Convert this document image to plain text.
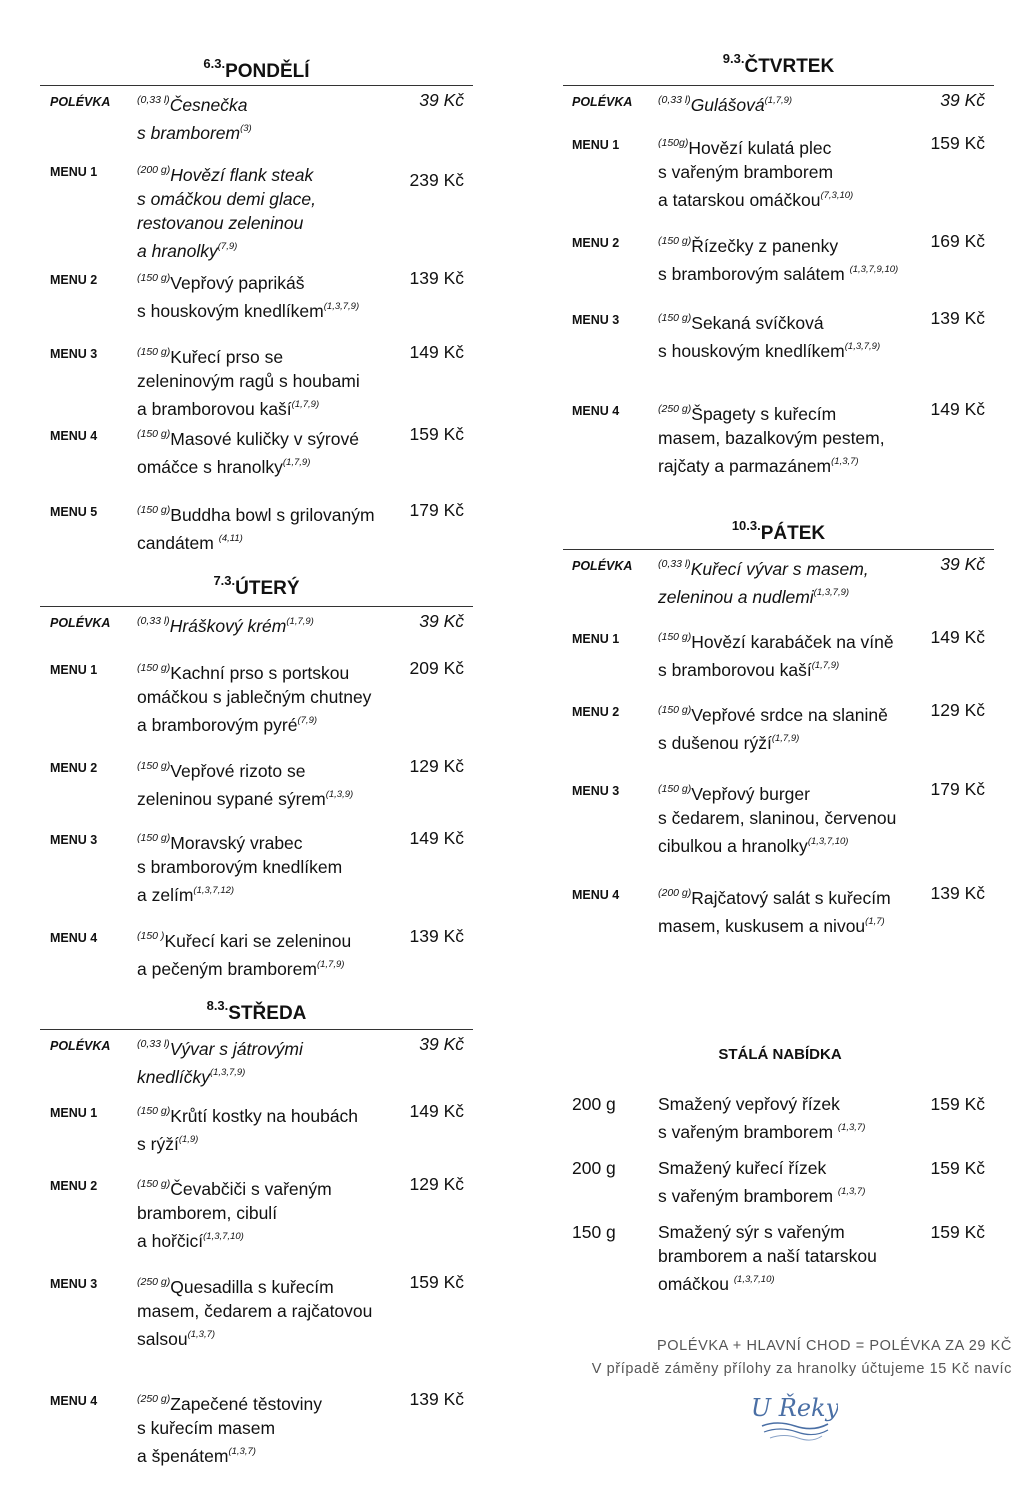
$^{6.3.}$PONDĚLÍ
POLÉVKA	$^{(0,33 l)}$Česnečka
s bramborem$^{(3)}$
39 Kč
MENU 1	$^{(200 g)}$Hovězí flank steak
s omáčkou demi glace,
restovanou zeleninou
a hranolky$^{(7,9)}$
239 Kč
MENU 2	$^{(150 g)}$Vepřový paprikáš
s houskovým knedlíkem$^{(1,3,7,9)}$
139 Kč
MENU 3	$^{(150 g)}$Kuřecí prso se
zeleninovým ragů s houbami
a bramborovou kaší$^{(1,7,9)}$
149 Kč
MENU 4	$^{(150 g)}$Masové kuličky v sýrové
omáčce s hranolky$^{(1,7,9)}$
159 Kč
MENU 5	$^{(150 g)}$Buddha bowl s grilovaným
candátem $^{(4,11)}$
179 Kč
$^{7.3.}$ÚTERÝ
POLÉVKA	$^{(0,33 l)}$Hráškový krém$^{(1,7,9)}$	39 Kč
MENU 1	$^{(150 g)}$Kachní prso s portskou
omáčkou s jablečným chutney
a bramborovým pyré$^{(7,9)}$
209 Kč
MENU 2	$^{(150 g)}$Vepřové rizoto se
zeleninou sypané sýrem$^{(1,3,9)}$
129 Kč
MENU 3	$^{(150 g)}$Moravský vrabec
s bramborovým knedlíkem
a zelím$^{(1,3,7,12)}$
149 Kč
MENU 4	$^{(150 )}$Kuřecí kari se zeleninou
a pečeným bramborem$^{(1,7,9)}$
139 Kč
$^{8.3.}$STŘEDA
POLÉVKA	$^{(0,33 l)}$Vývar s játrovými
knedlíčky$^{(1,3,7,9)}$
39 Kč
MENU 1	$^{(150 g)}$Krůtí kostky na houbách
s rýží$^{(1,9)}$
149 Kč
MENU 2	$^{(150 g)}$Čevabčiči s vařeným
bramborem, cibulí
a hořčicí$^{(1,3,7,10)}$
129 Kč
MENU 3	$^{(250 g)}$Quesadilla s kuřecím
masem, čedarem a rajčatovou
salsou$^{(1,3,7)}$
159 Kč
MENU 4	$^{(250 g)}$Zapečené těstoviny
s kuřecím masem
a špenátem$^{(1,3,7)}$
139 Kč
$^{9.3.}$ČTVRTEK
POLÉVKA $^{(0,33 l)}$Gulášová$^{(1,7,9)}$	39 Kč
MENU 1	$^{(150g)}$Hovězí kulatá plec
s vařeným bramborem
a tatarskou omáčkou$^{(7,3,10)}$
159 Kč
MENU 2	$^{(150 g)}$Řízečky z panenky
s bramborovým salátem $^{(1,3,7,9,10)}$
169 Kč
MENU 3	$^{(150 g)}$Sekaná svíčková
s houskovým knedlíkem$^{(1,3,7,9)}$
139 Kč
MENU 4	$^{(250 g)}$Špagety s kuřecím
masem, bazalkovým pestem,
rajčaty a parmazánem$^{(1,3,7)}$
149 Kč
$^{10.3.}$PÁTEK
POLÉVKA $^{(0,33 l)}$Kuřecí vývar s masem,
zeleninou a nudlemi$^{(1,3,7,9)}$
39 Kč
MENU 1	$^{(150 g)}$Hovězí karabáček na víně
s bramborovou kaší$^{(1,7,9)}$
149 Kč
MENU 2	$^{(150 g)}$Vepřové srdce na slanině
s dušenou rýží$^{(1,7,9)}$
129 Kč
MENU 3	$^{(150 g)}$Vepřový burger
s čedarem, slaninou, červenou
cibulkou a hranolky$^{(1,3,7,10)}$
179 Kč
MENU 4	$^{(200 g)}$Rajčatový salát s kuřecím
masem, kuskusem a nivou$^{(1,7)}$
139 Kč
STÁLÁ NABÍDKA
200 g Smažený vepřový řízek
s vařeným bramborem $^{(1,3,7)}$
159 Kč
200 g Smažený kuřecí řízek
s vařeným bramborem $^{(1,3,7)}$
159 Kč
150 g Smažený sýr s vařeným
bramborem a naší tatarskou
omáčkou $^{(1,3,7,10)}$
159 Kč
POLÉVKA + HLAVNÍ CHOD = POLÉVKA ZA 29 KČ
V případě záměny přílohy za hranolky účtujeme 15 Kč navíc
U Řeky
